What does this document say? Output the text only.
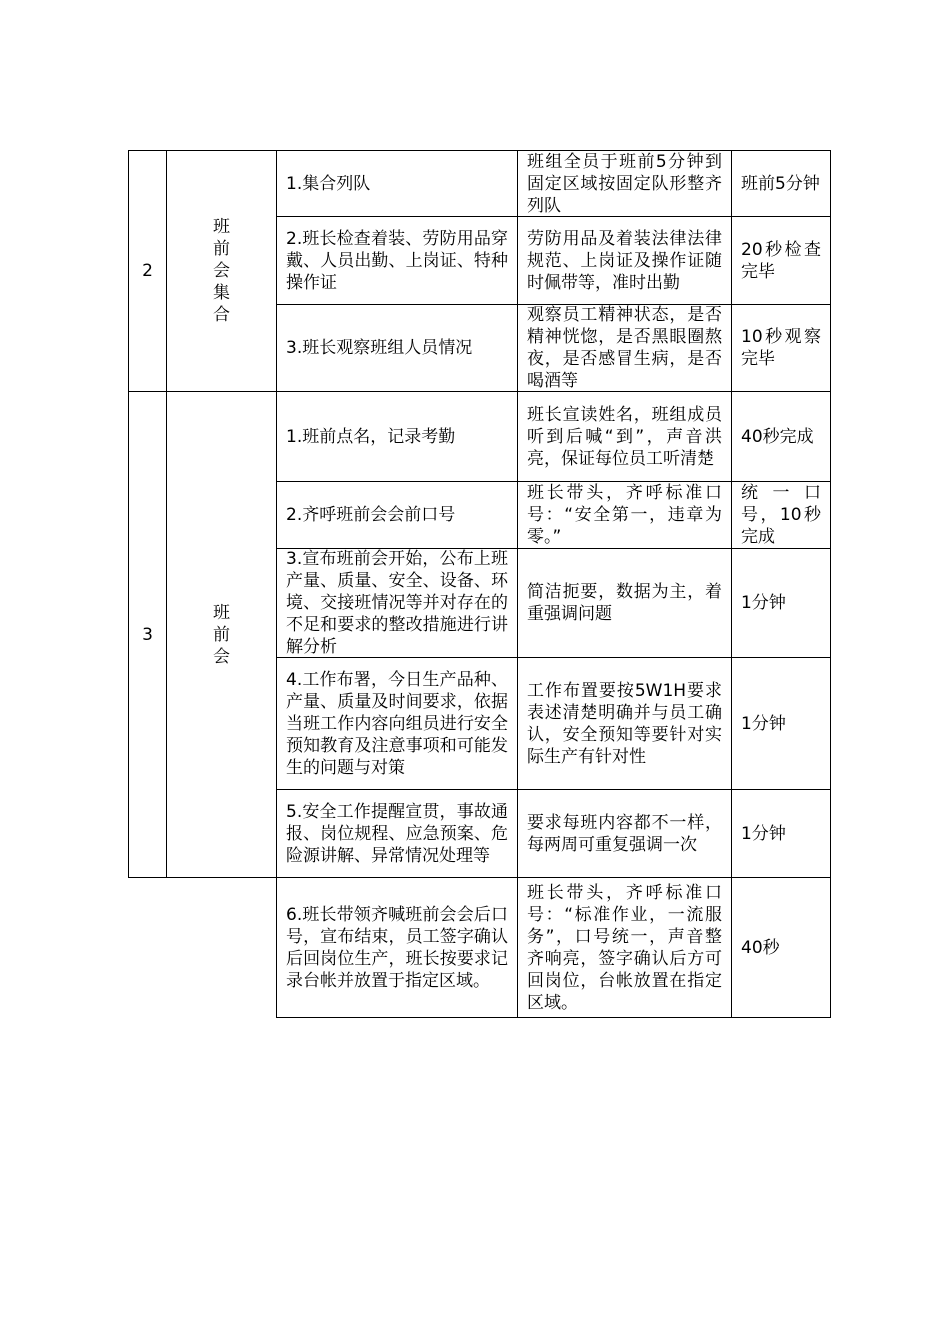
2
班前会集合
1.集合列队
班组全员于班前5分钟到固定区域按固定队形整齐列队
班前5分钟
2.班长检查着装、劳防用品穿戴、人员出勤、上岗证、特种操作证
劳防用品及着装法律法律规范、上岗证及操作证随时佩带等，准时出勤
20秒检查完毕
3.班长观察班组人员情况
观察员工精神状态，是否精神恍惚，是否黑眼圈熬夜，是否感冒生病，是否喝酒等
10秒观察完毕
3
班前会
1.班前点名，记录考勤
班长宣读姓名，班组成员听到后喊“到”，声音洪亮，保证每位员工听清楚
40秒完成
2.齐呼班前会会前口号
班长带头，齐呼标准口号：“安全第一，违章为零。”
统一口号，10秒完成
3.宣布班前会开始，公布上班产量、质量、安全、设备、环境、交接班情况等并对存在的不足和要求的整改措施进行讲解分析
简洁扼要，数据为主，着重强调问题
1分钟
4.工作布署，今日生产品种、产量、质量及时间要求，依据当班工作内容向组员进行安全预知教育及注意事项和可能发生的问题与对策
工作布置要按5W1H要求表述清楚明确并与员工确认，安全预知等要针对实际生产有针对性
1分钟
5.安全工作提醒宣贯，事故通报、岗位规程、应急预案、危险源讲解、异常情况处理等
要求每班内容都不一样，每两周可重复强调一次
1分钟
6.班长带领齐喊班前会会后口号，宣布结束，员工签字确认后回岗位生产，班长按要求记录台帐并放置于指定区域。
班长带头，齐呼标准口号：“标准作业，一流服务”，口号统一，声音整齐响亮，签字确认后方可回岗位，台帐放置在指定区域。
40秒
